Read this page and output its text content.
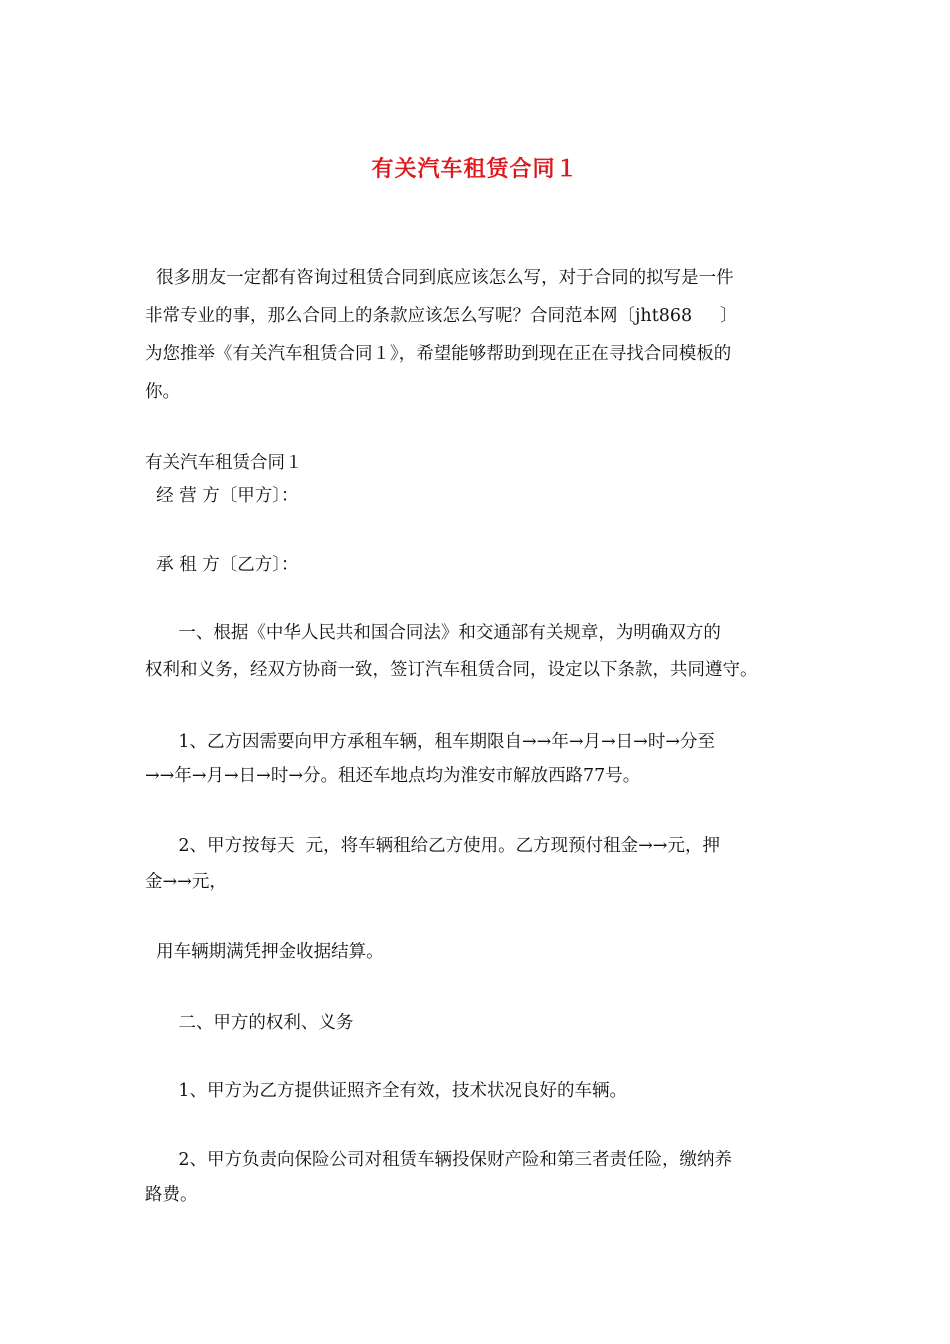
有关汽车租赁合同１
很多朋友一定都有咨询过租赁合同到底应该怎么写，对于合同的拟写是一件
非常专业的事，那么合同上的条款应该怎么写呢？合同范本网〔jht868     〕
为您推举《有关汽车租赁合同１》，希望能够帮助到现在正在寻找合同模板的
你。
有关汽车租赁合同１
经 营 方〔甲方〕：
承 租 方〔乙方〕：
一、根据《中华人民共和国合同法》和交通部有关规章，为明确双方的
权利和义务，经双方协商一致，签订汽车租赁合同，设定以下条款，共同遵守。
1、乙方因需要向甲方承租车辆，租车期限自→→年→月→日→时→分至
→→年→月→日→时→分。租还车地点均为淮安市解放西路77号。
2、甲方按每天  元，将车辆租给乙方使用。乙方现预付租金→→元，押
金→→元，
用车辆期满凭押金收据结算。
二、甲方的权利、义务
1、甲方为乙方提供证照齐全有效，技术状况良好的车辆。
2、甲方负责向保险公司对租赁车辆投保财产险和第三者责任险，缴纳养
路费。
